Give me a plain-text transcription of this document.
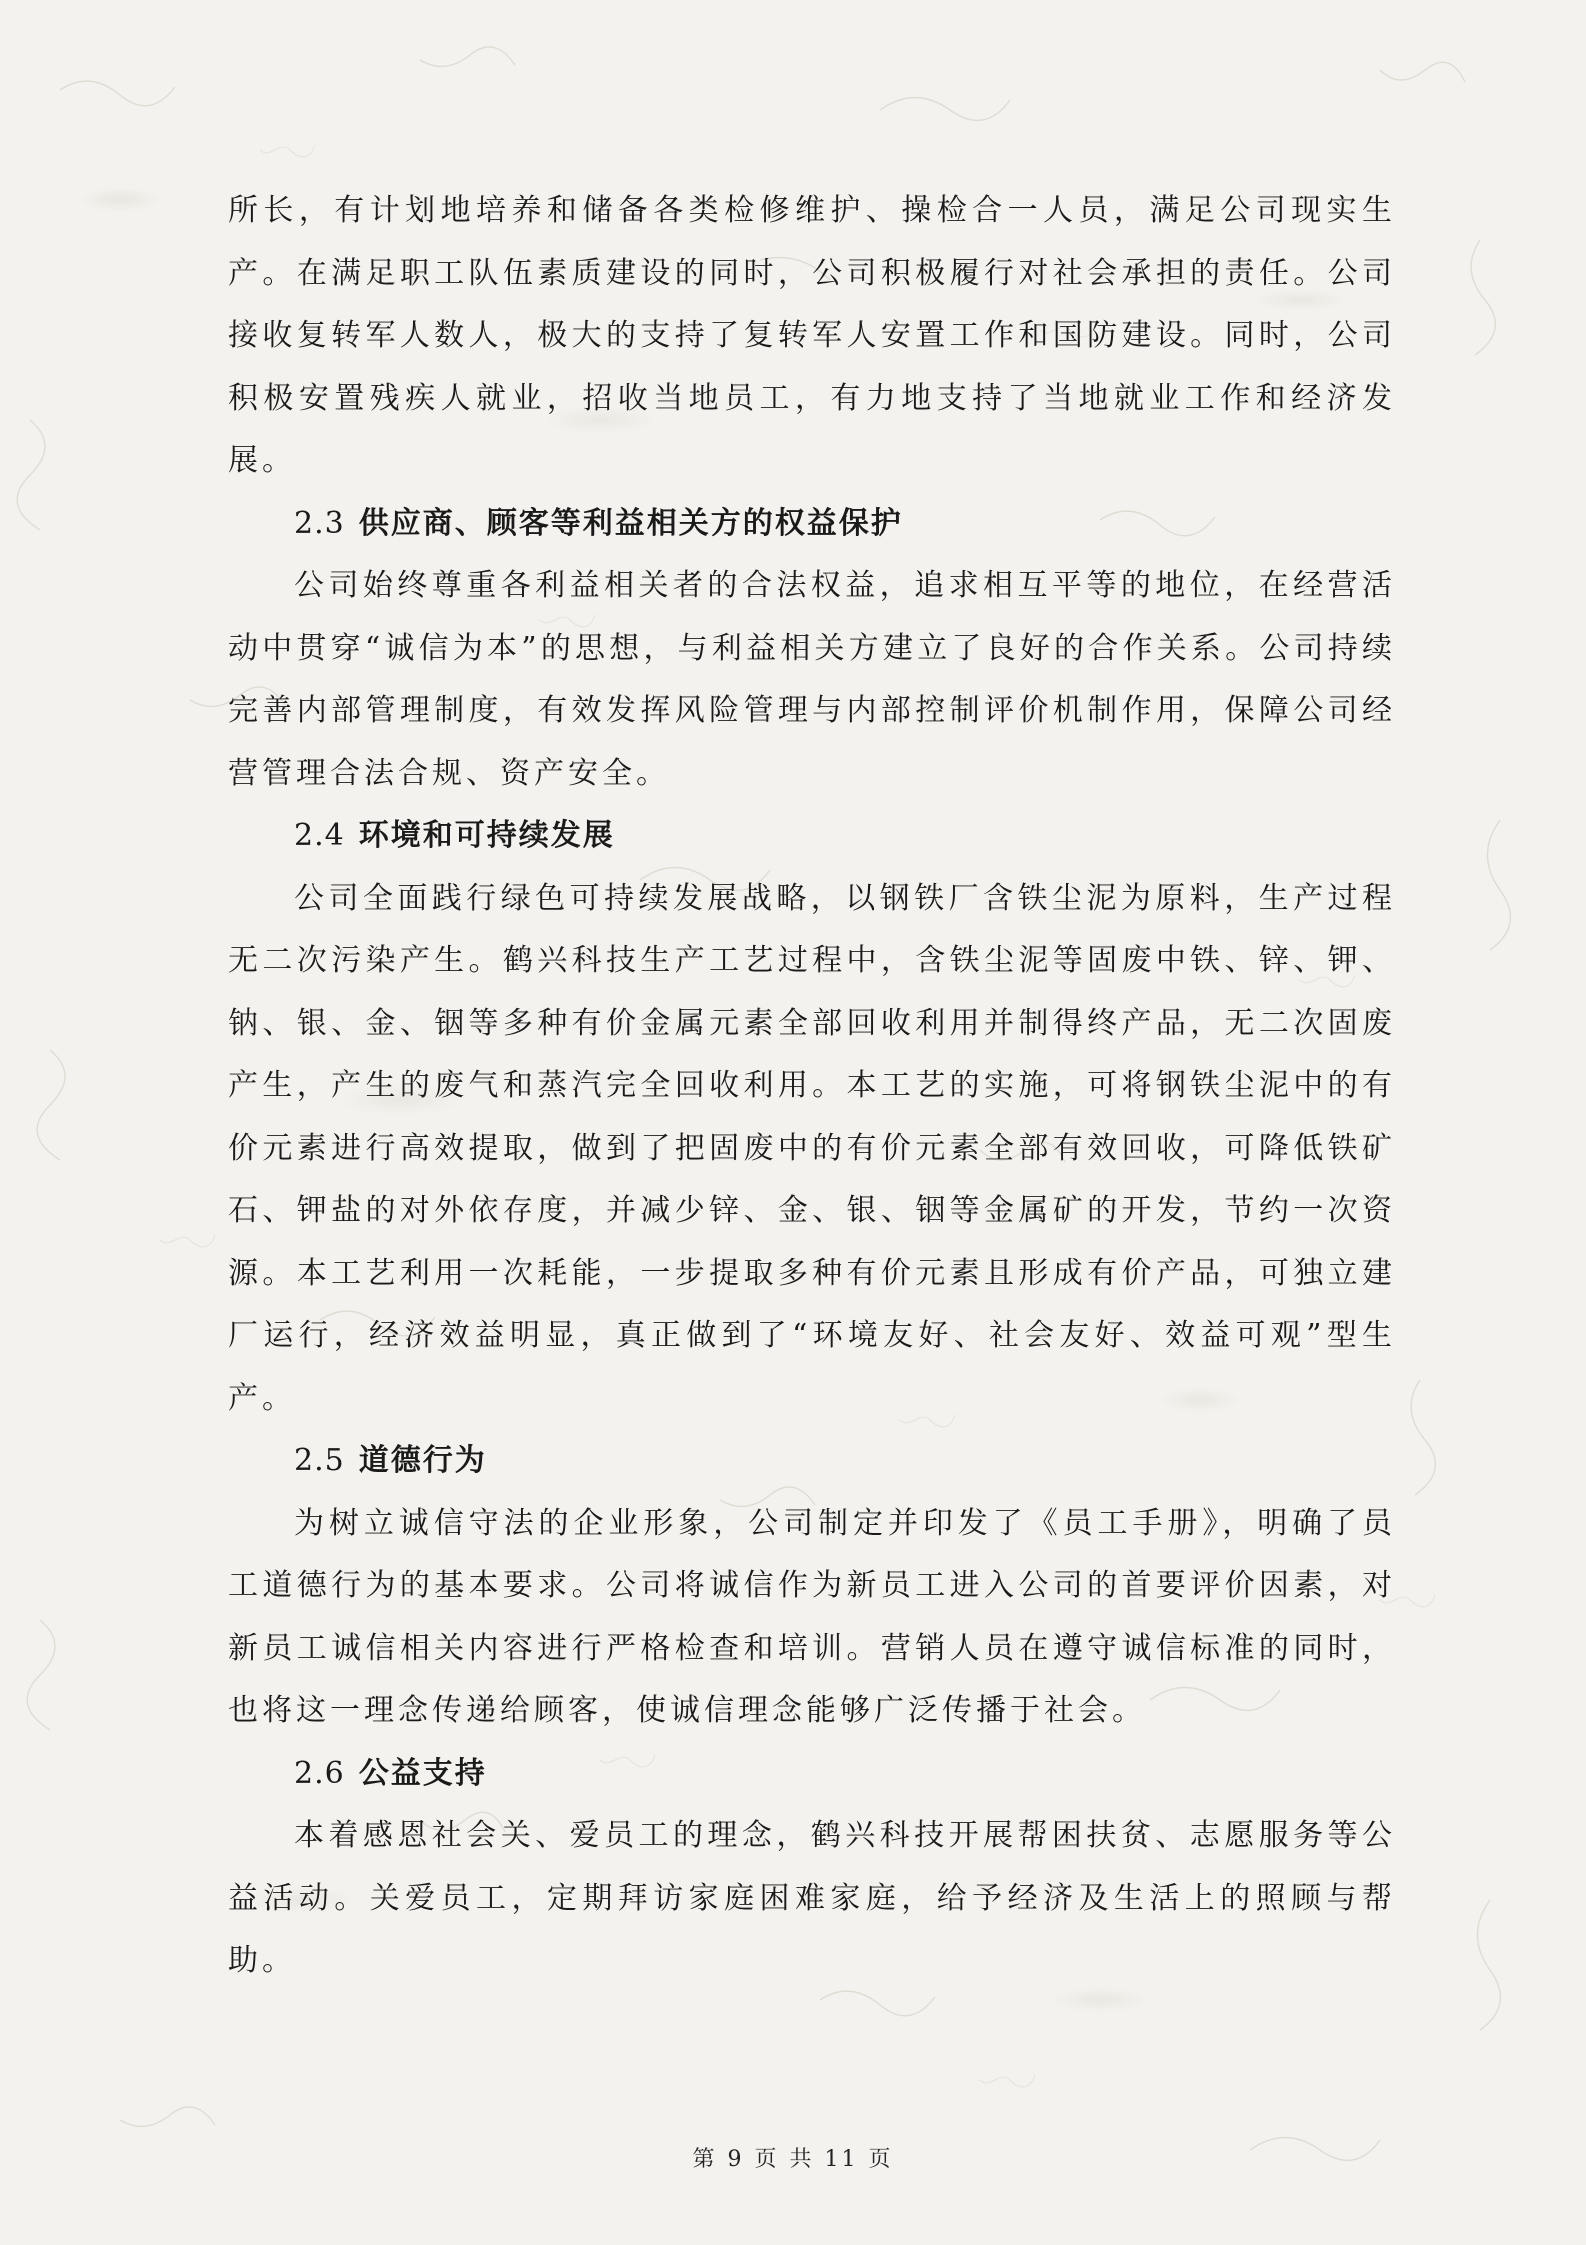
所长，有计划地培养和储备各类检修维护、操检合一人员，满足公司现实生产。在满足职工队伍素质建设的同时，公司积极履行对社会承担的责任。公司接收复转军人数人，极大的支持了复转军人安置工作和国防建设。同时，公司积极安置残疾人就业，招收当地员工，有力地支持了当地就业工作和经济发展。

2.3 供应商、顾客等利益相关方的权益保护

公司始终尊重各利益相关者的合法权益，追求相互平等的地位，在经营活动中贯穿“诚信为本”的思想，与利益相关方建立了良好的合作关系。公司持续完善内部管理制度，有效发挥风险管理与内部控制评价机制作用，保障公司经营管理合法合规、资产安全。

2.4 环境和可持续发展

公司全面践行绿色可持续发展战略，以钢铁厂含铁尘泥为原料，生产过程无二次污染产生。鹤兴科技生产工艺过程中，含铁尘泥等固废中铁、锌、钾、钠、银、金、铟等多种有价金属元素全部回收利用并制得终产品，无二次固废产生，产生的废气和蒸汽完全回收利用。本工艺的实施，可将钢铁尘泥中的有价元素进行高效提取，做到了把固废中的有价元素全部有效回收，可降低铁矿石、钾盐的对外依存度，并减少锌、金、银、铟等金属矿的开发，节约一次资源。本工艺利用一次耗能，一步提取多种有价元素且形成有价产品，可独立建厂运行，经济效益明显，真正做到了“环境友好、社会友好、效益可观”型生产。

2.5 道德行为

为树立诚信守法的企业形象，公司制定并印发了《员工手册》，明确了员工道德行为的基本要求。公司将诚信作为新员工进入公司的首要评价因素，对新员工诚信相关内容进行严格检查和培训。营销人员在遵守诚信标准的同时，也将这一理念传递给顾客，使诚信理念能够广泛传播于社会。

2.6 公益支持

本着感恩社会关、爱员工的理念，鹤兴科技开展帮困扶贫、志愿服务等公益活动。关爱员工，定期拜访家庭困难家庭，给予经济及生活上的照顾与帮助。

第 9 页 共 11 页
